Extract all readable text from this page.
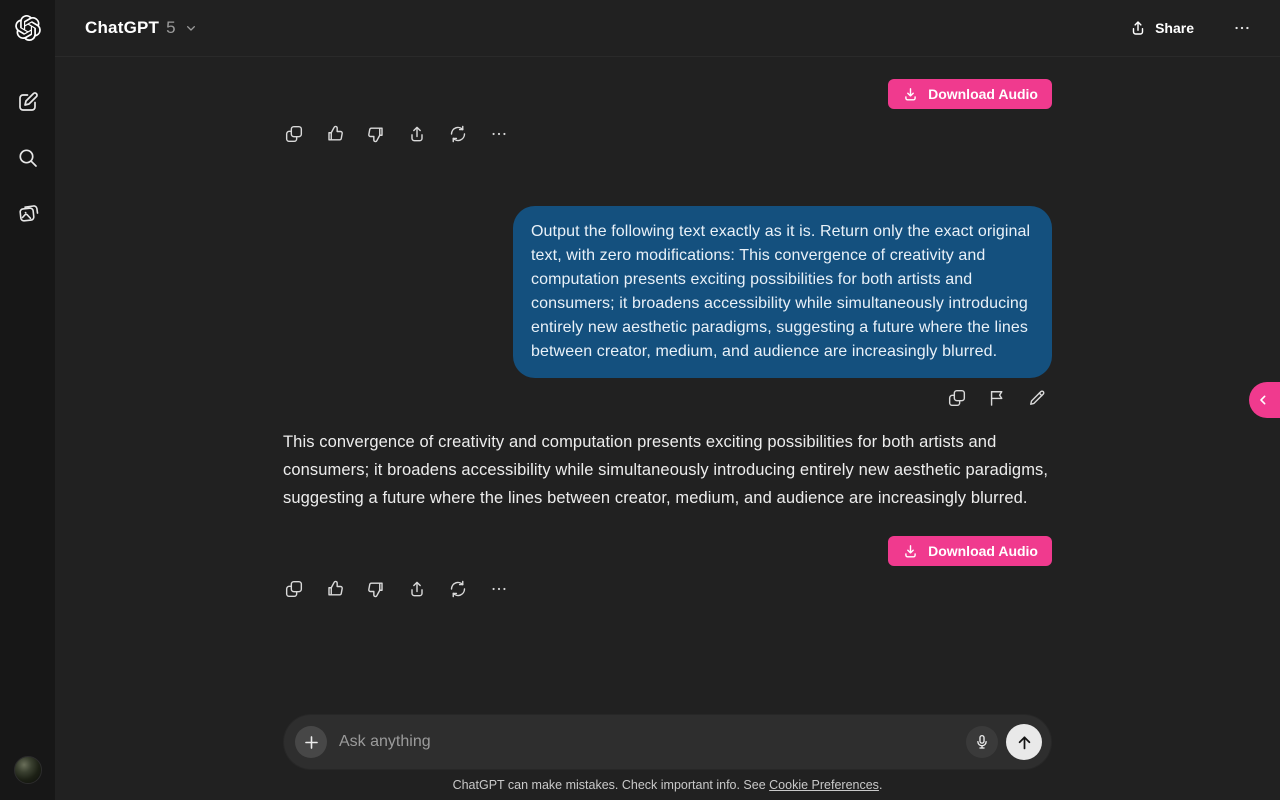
ChatGPT 5	Share
Download Audio
Output the following text exactly as it is. Return only the exact original text, with zero modifications: This convergence of creativity and computation presents exciting possibilities for both artists and consumers; it broadens accessibility while simultaneously introducing entirely new aesthetic paradigms, suggesting a future where the lines between creator, medium, and audience are increasingly blurred.
This convergence of creativity and computation presents exciting possibilities for both artists and consumers; it broadens accessibility while simultaneously introducing entirely new aesthetic paradigms, suggesting a future where the lines between creator, medium, and audience are increasingly blurred.
Download Audio
Ask anything
ChatGPT can make mistakes. Check important info. See Cookie Preferences.
